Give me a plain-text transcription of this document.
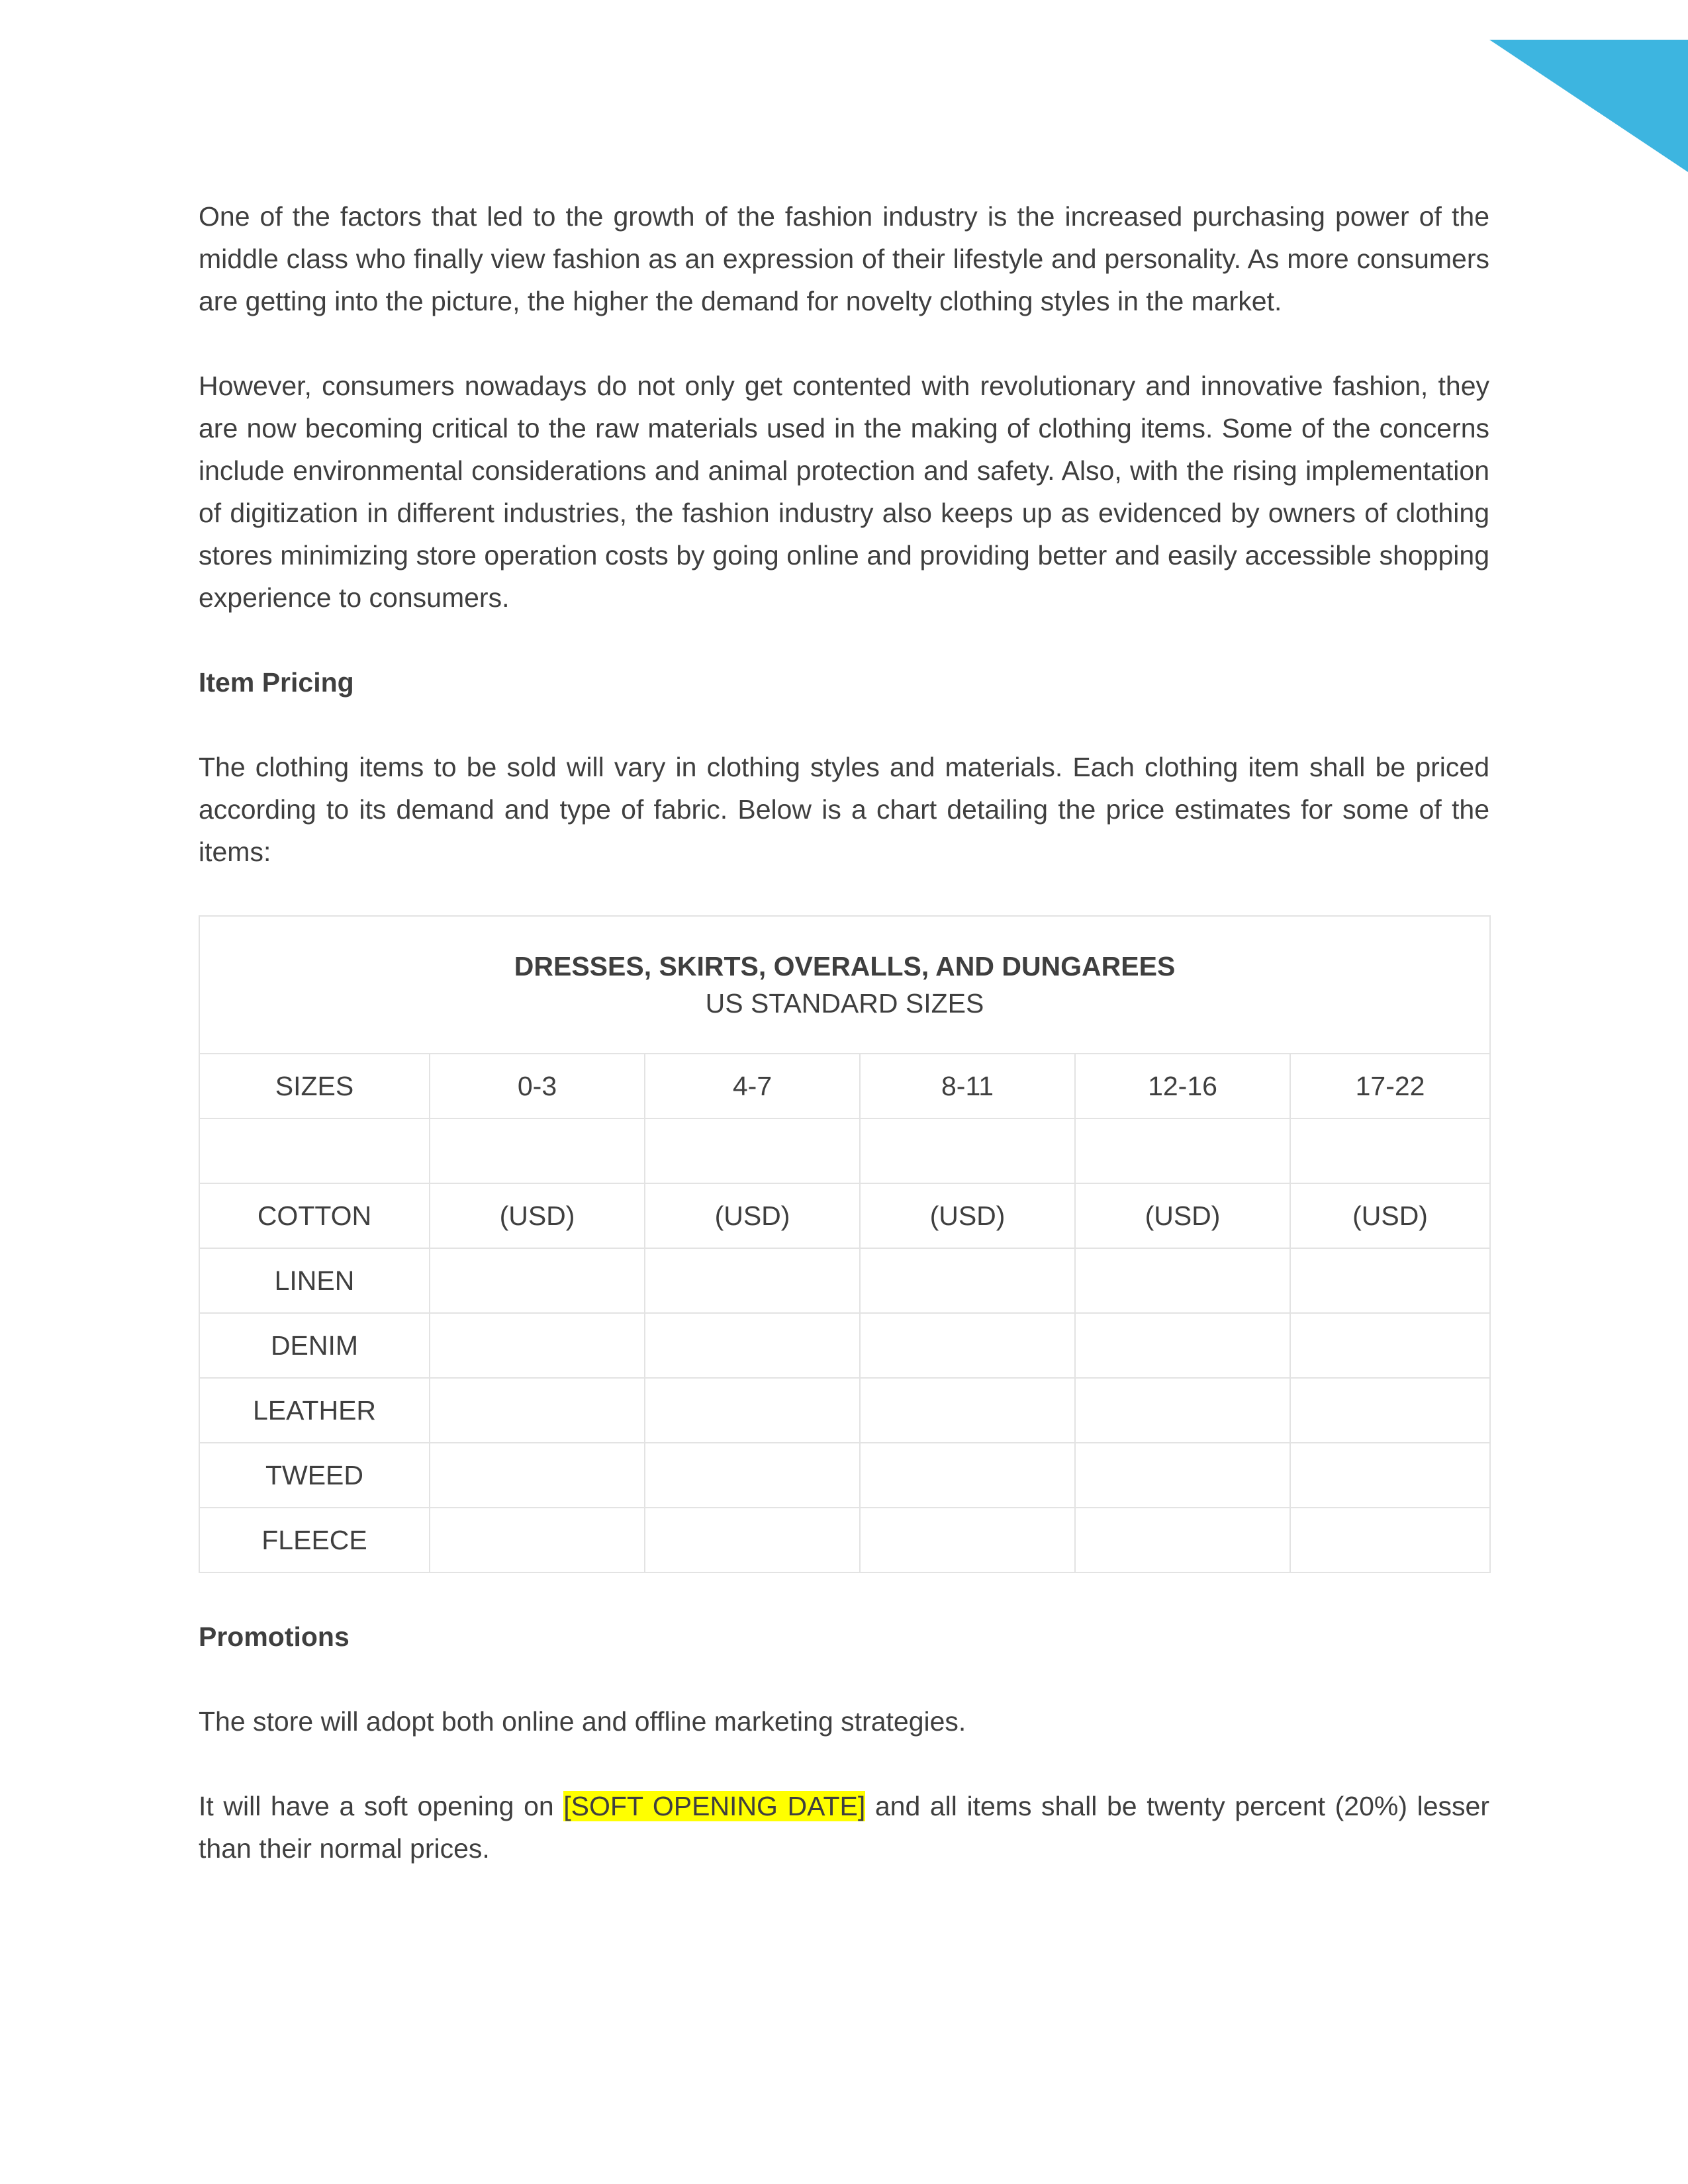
One of the factors that led to the growth of the fashion industry is the increased purchasing power of the middle class who finally view fashion as an expression of their lifestyle and personality. As more consumers are getting into the picture, the higher the demand for novelty clothing styles in the market.

However, consumers nowadays do not only get contented with revolutionary and innovative fashion, they are now becoming critical to the raw materials used in the making of clothing items. Some of the concerns include environmental considerations and animal protection and safety. Also, with the rising implementation of digitization in different industries, the fashion industry also keeps up as evidenced by owners of clothing stores minimizing store operation costs by going online and providing better and easily accessible shopping experience to consumers.

Item Pricing

The clothing items to be sold will vary in clothing styles and materials. Each clothing item shall be priced according to its demand and type of fabric. Below is a chart detailing the price estimates for some of the items:

DRESSES, SKIRTS, OVERALLS, AND DUNGAREES
US STANDARD SIZES					

SIZES	0-3	4-7	8-11	12-16	17-22

COTTON	(USD)	(USD)	(USD)	(USD)	(USD)
LINEN					
DENIM					
LEATHER					
TWEED					
FLEECE					
Promotions

The store will adopt both online and offline marketing strategies.

It will have a soft opening on [SOFT OPENING DATE] and all items shall be twenty percent (20%) lesser than their normal prices.
